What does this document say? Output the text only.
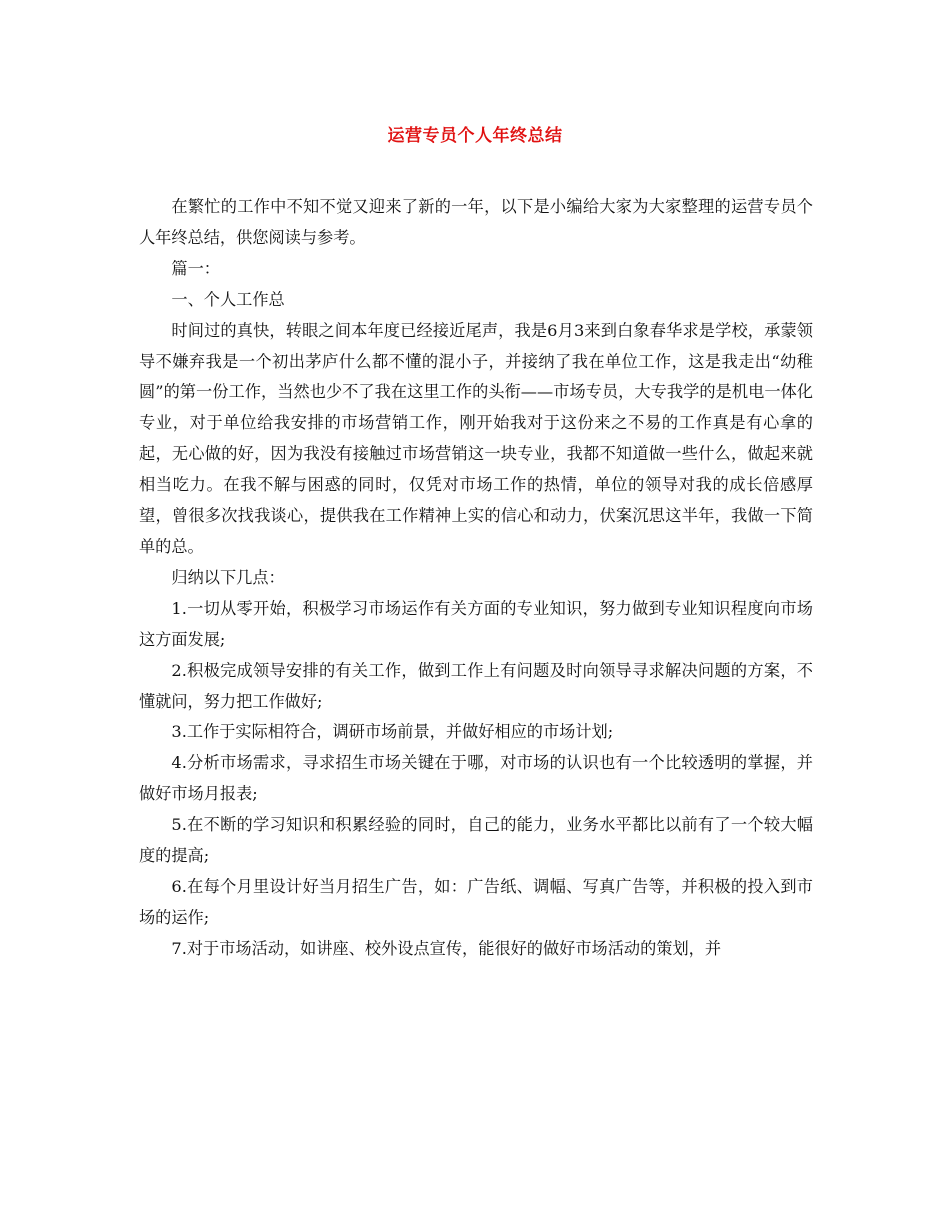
运营专员个人年终总结

在繁忙的工作中不知不觉又迎来了新的一年，以下是小编给大家为大家整理的运营专员个人年终总结，供您阅读与参考。

篇一：

一、个人工作总

时间过的真快，转眼之间本年度已经接近尾声，我是6月3来到白象春华求是学校，承蒙领导不嫌弃我是一个初出茅庐什么都不懂的混小子，并接纳了我在单位工作，这是我走出“幼稚圆”的第一份工作，当然也少不了我在这里工作的头衔——市场专员，大专我学的是机电一体化专业，对于单位给我安排的市场营销工作，刚开始我对于这份来之不易的工作真是有心拿的起，无心做的好，因为我没有接触过市场营销这一块专业，我都不知道做一些什么，做起来就相当吃力。在我不解与困惑的同时，仅凭对市场工作的热情，单位的领导对我的成长倍感厚望，曾很多次找我谈心，提供我在工作精神上实的信心和动力，伏案沉思这半年，我做一下简单的总。

归纳以下几点：

1.一切从零开始，积极学习市场运作有关方面的专业知识，努力做到专业知识程度向市场这方面发展;

2.积极完成领导安排的有关工作，做到工作上有问题及时向领导寻求解决问题的方案，不懂就问，努力把工作做好;

3.工作于实际相符合，调研市场前景，并做好相应的市场计划;

4.分析市场需求，寻求招生市场关键在于哪，对市场的认识也有一个比较透明的掌握，并做好市场月报表;

5.在不断的学习知识和积累经验的同时，自己的能力，业务水平都比以前有了一个较大幅度的提高;

6.在每个月里设计好当月招生广告，如：广告纸、调幅、写真广告等，并积极的投入到市场的运作;

7.对于市场活动，如讲座、校外设点宣传，能很好的做好市场活动的策划，并
